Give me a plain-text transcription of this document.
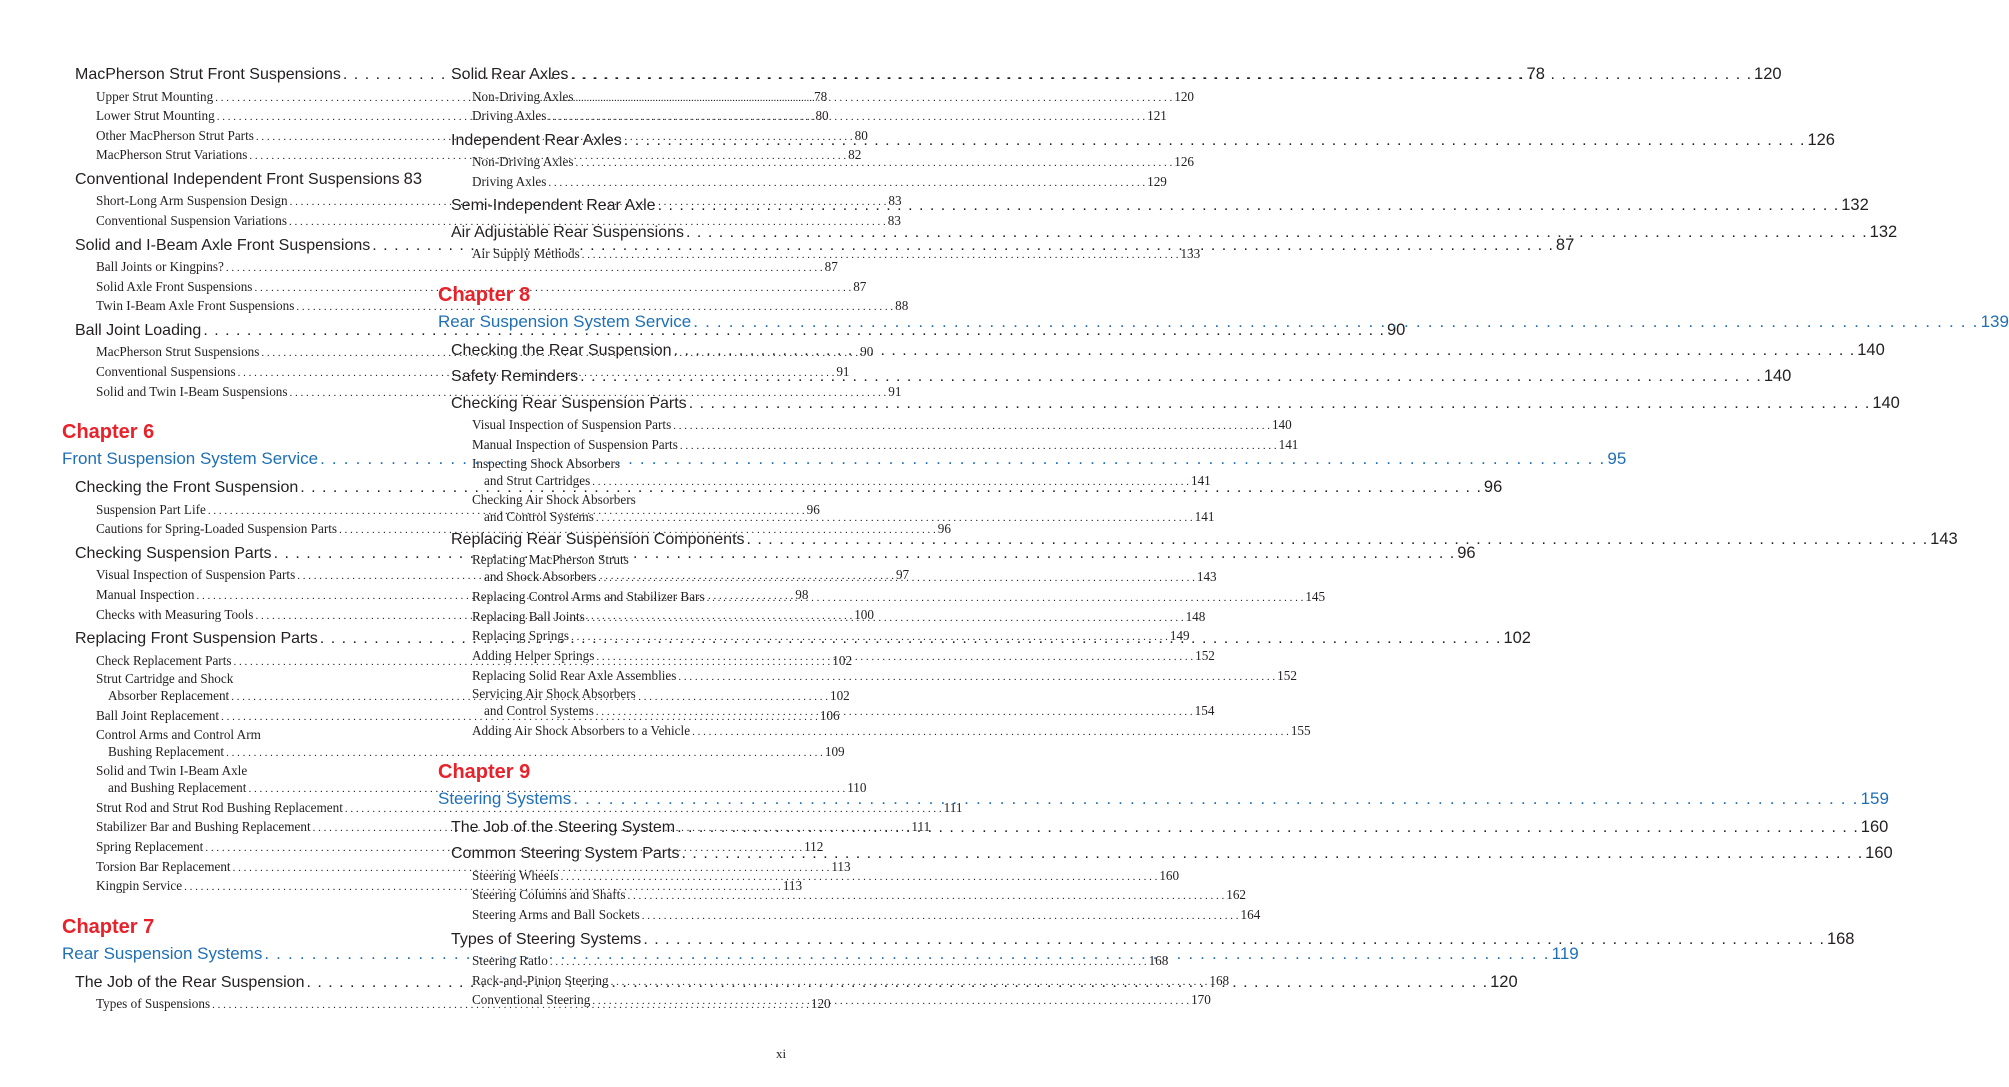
MacPherson Strut Front Suspensions . . .	78
Upper Strut Mounting . . .	78
Lower Strut Mounting . . .	80
Other MacPherson Strut Parts . . .	80
MacPherson Strut Variations . . .	82
Conventional Independent Front Suspensions 83
Short-Long Arm Suspension Design . . .	83
Conventional Suspension Variations . . .	83
Solid and I-Beam Axle Front Suspensions . . .	87
Ball Joints or Kingpins? . . .	87
Solid Axle Front Suspensions . . .	87
Twin I-Beam Axle Front Suspensions . . .	88
Ball Joint Loading . . .	90
MacPherson Strut Suspensions . . .	90
Conventional Suspensions . . .	91
Solid and Twin I-Beam Suspensions . . .	91
Chapter 6
Front Suspension System Service . . .	95
Checking the Front Suspension . . .	96
Suspension Part Life . . .	96
Cautions for Spring-Loaded Suspension Parts . . .	96
Checking Suspension Parts . . .	96
Visual Inspection of Suspension Parts . . .	97
Manual Inspection . . .	98
Checks with Measuring Tools . . .	100
Replacing Front Suspension Parts . . .	102
Check Replacement Parts . . .	102
Strut Cartridge and Shock
Absorber Replacement . . .	102
Ball Joint Replacement . . .	106
Control Arms and Control Arm
Bushing Replacement . . .	109
Solid and Twin I-Beam Axle
and Bushing Replacement . . .	110
Strut Rod and Strut Rod Bushing Replacement . . .	111
Stabilizer Bar and Bushing Replacement . . .	111
Spring Replacement . . .	112
Torsion Bar Replacement . . .	113
Kingpin Service . . .	113
Chapter 7
Rear Suspension Systems . . .	119
The Job of the Rear Suspension . . .	120
Types of Suspensions . . .	120
Solid Rear Axles . . .	120
Non-Driving Axles . . .	120
Driving Axles . . .	121
Independent Rear Axles . . .	126
Non-Driving Axles . . .	126
Driving Axles . . .	129
Semi-Independent Rear Axle . . .	132
Air Adjustable Rear Suspensions . . .	132
Air Supply Methods . . .	133
Chapter 8
Rear Suspension System Service . . .	139
Checking the Rear Suspension . . .	140
Safety Reminders . . .	140
Checking Rear Suspension Parts . . .	140
Visual Inspection of Suspension Parts . . .	140
Manual Inspection of Suspension Parts . . .	141
Inspecting Shock Absorbers
and Strut Cartridges . . .	141
Checking Air Shock Absorbers
and Control Systems . . .	141
Replacing Rear Suspension Components . . .	143
Replacing MacPherson Struts
and Shock Absorbers . . .	143
Replacing Control Arms and Stabilizer Bars . . .	145
Replacing Ball Joints . . .	148
Replacing Springs . . .	149
Adding Helper Springs . . .	152
Replacing Solid Rear Axle Assemblies . . .	152
Servicing Air Shock Absorbers
and Control Systems . . .	154
Adding Air Shock Absorbers to a Vehicle . . .	155
Chapter 9
Steering Systems . . .	159
The Job of the Steering System . . .	160
Common Steering System Parts . . .	160
Steering Wheels . . .	160
Steering Columns and Shafts . . .	162
Steering Arms and Ball Sockets . . .	164
Types of Steering Systems . . .	168
Steering Ratio . . .	168
Rack-and-Pinion Steering . . .	168
Conventional Steering . . .	170
xi
